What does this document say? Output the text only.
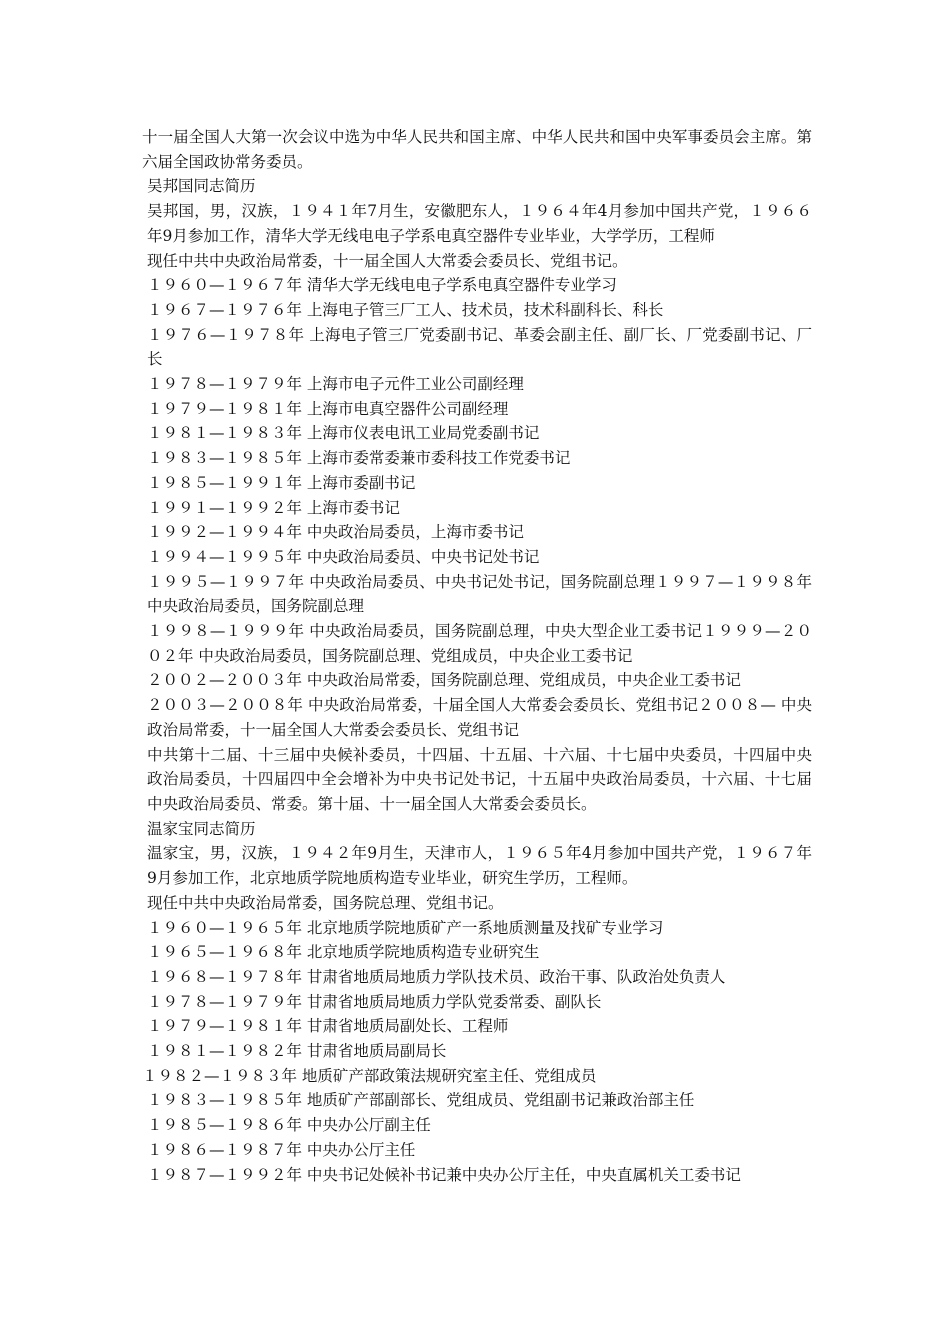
十一届全国人大第一次会议中选为中华人民共和国主席、中华人民共和国中央军事委员会主席。第六届全国政协常务委员。

吴邦国同志简历

吴邦国，男，汉族，１９４１年7月生，安徽肥东人，１９６４年4月参加中国共产党，１９６６年9月参加工作，清华大学无线电电子学系电真空器件专业毕业，大学学历，工程师

现任中共中央政治局常委，十一届全国人大常委会委员长、党组书记。

１９６０—１９６７年 清华大学无线电电子学系电真空器件专业学习

１９６７—１９７６年 上海电子管三厂工人、技术员，技术科副科长、科长

１９７６—１９７８年 上海电子管三厂党委副书记、革委会副主任、副厂长、厂党委副书记、厂长

１９７８—１９７９年 上海市电子元件工业公司副经理

１９７９—１９８１年 上海市电真空器件公司副经理

１９８１—１９８３年 上海市仪表电讯工业局党委副书记

１９８３—１９８５年 上海市委常委兼市委科技工作党委书记

１９８５—１９９１年 上海市委副书记

１９９１—１９９２年 上海市委书记

１９９２—１９９４年 中央政治局委员，上海市委书记

１９９４—１９９５年 中央政治局委员、中央书记处书记

１９９５—１９９７年 中央政治局委员、中央书记处书记，国务院副总理１９９７—１９９８年 中央政治局委员，国务院副总理

１９９８—１９９９年 中央政治局委员，国务院副总理，中央大型企业工委书记１９９９—２００２年 中央政治局委员，国务院副总理、党组成员，中央企业工委书记

２００２—２００３年 中央政治局常委，国务院副总理、党组成员，中央企业工委书记

２００３—２００８年 中央政治局常委，十届全国人大常委会委员长、党组书记２００８— 中央政治局常委，十一届全国人大常委会委员长、党组书记

中共第十二届、十三届中央候补委员，十四届、十五届、十六届、十七届中央委员，十四届中央政治局委员，十四届四中全会增补为中央书记处书记，十五届中央政治局委员，十六届、十七届中央政治局委员、常委。第十届、十一届全国人大常委会委员长。

温家宝同志简历

温家宝，男，汉族，１９４２年9月生，天津市人，１９６５年4月参加中国共产党，１９６７年9月参加工作，北京地质学院地质构造专业毕业，研究生学历，工程师。

现任中共中央政治局常委，国务院总理、党组书记。

１９６０—１９６５年 北京地质学院地质矿产一系地质测量及找矿专业学习

１９６５—１９６８年 北京地质学院地质构造专业研究生

１９６８—１９７８年 甘肃省地质局地质力学队技术员、政治干事、队政治处负责人

１９７８—１９７９年 甘肃省地质局地质力学队党委常委、副队长

１９７９—１９８１年 甘肃省地质局副处长、工程师

１９８１—１９８２年 甘肃省地质局副局长

１９８２—１９８３年 地质矿产部政策法规研究室主任、党组成员

１９８３—１９８５年 地质矿产部副部长、党组成员、党组副书记兼政治部主任

１９８５—１９８６年 中央办公厅副主任

１９８６—１９８７年 中央办公厅主任

１９８７—１９９２年 中央书记处候补书记兼中央办公厅主任，中央直属机关工委书记
